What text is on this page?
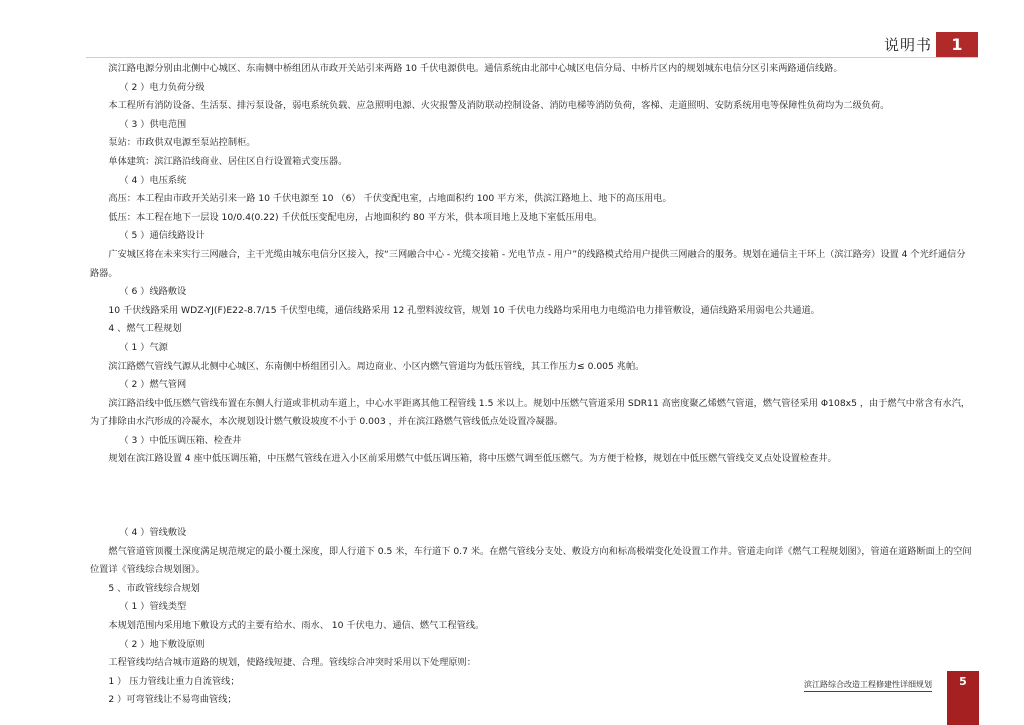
说明书	1

滨江路电源分别由北侧中心城区、东南侧中桥组团从市政开关站引来两路 10 千伏电源供电。通信系统由北部中心城区电信分局、中桥片区内的规划城东电信分区引来两路通信线路。

（ 2 ）电力负荷分级

本工程所有消防设备、生活泵、排污泵设备，弱电系统负载、应急照明电源、火灾报警及消防联动控制设备、消防电梯等消防负荷，客梯、走道照明、安防系统用电等保障性负荷均为二级负荷。

（ 3 ）供电范围

泵站：市政供双电源至泵站控制柜。

单体建筑：滨江路沿线商业、居住区自行设置箱式变压器。

（ 4 ）电压系统

高压：本工程由市政开关站引来一路 10 千伏电源至 10 （6） 千伏变配电室，占地面积约 100 平方米，供滨江路地上、地下的高压用电。

低压：本工程在地下一层设 10/0.4(0.22) 千伏低压变配电房，占地面积约 80 平方米，供本项目地上及地下室低压用电。

（ 5 ）通信线路设计

广安城区将在未来实行三网融合，主干光缆由城东电信分区接入，按“三网融合中心 - 光缆交接箱 - 光电节点 - 用户”的线路模式给用户提供三网融合的服务。规划在通信主干环上（滨江路旁）设置 4 个光纤通信分路器。

（ 6 ）线路敷设

10 千伏线路采用 WDZ-YJ(F)E22-8.7/15 千伏型电缆，通信线路采用 12 孔塑料波纹管，规划 10 千伏电力线路均采用电力电缆沿电力排管敷设，通信线路采用弱电公共通道。

4 、燃气工程规划

（ 1 ）气源

滨江路燃气管线气源从北侧中心城区、东南侧中桥组团引入。周边商业、小区内燃气管道均为低压管线，其工作压力≤ 0.005 兆帕。

（ 2 ）燃气管网

滨江路沿线中低压燃气管线布置在东侧人行道或非机动车道上，中心水平距离其他工程管线 1.5 米以上。规划中压燃气管道采用 SDR11 高密度聚乙烯燃气管道，燃气管径采用 Φ108x5 ，由于燃气中常含有水汽，为了排除由水汽形成的冷凝水，本次规划设计燃气敷设坡度不小于 0.003 ，并在滨江路燃气管线低点处设置冷凝器。

（ 3 ）中低压调压箱、检查井

规划在滨江路设置 4 座中低压调压箱，中压燃气管线在进入小区前采用燃气中低压调压箱，将中压燃气调至低压燃气。为方便于检修，规划在中低压燃气管线交叉点处设置检查井。

（ 4 ）管线敷设

燃气管道管顶覆土深度满足规范规定的最小覆土深度，即人行道下 0.5 米，车行道下 0.7 米。在燃气管线分支处、敷设方向和标高极端变化处设置工作井。管道走向详《燃气工程规划图》，管道在道路断面上的空间位置详《管线综合规划图》。

5 、市政管线综合规划

（ 1 ）管线类型

本规划范围内采用地下敷设方式的主要有给水、雨水、 10 千伏电力、通信、燃气工程管线。

（ 2 ）地下敷设原则

工程管线均结合城市道路的规划，使路线短捷、合理。管线综合冲突时采用以下处理原则：

1 ） 压力管线让重力自流管线；

2 ）可弯管线让不易弯曲管线；

滨江路综合改造工程修建性详细规划	5
